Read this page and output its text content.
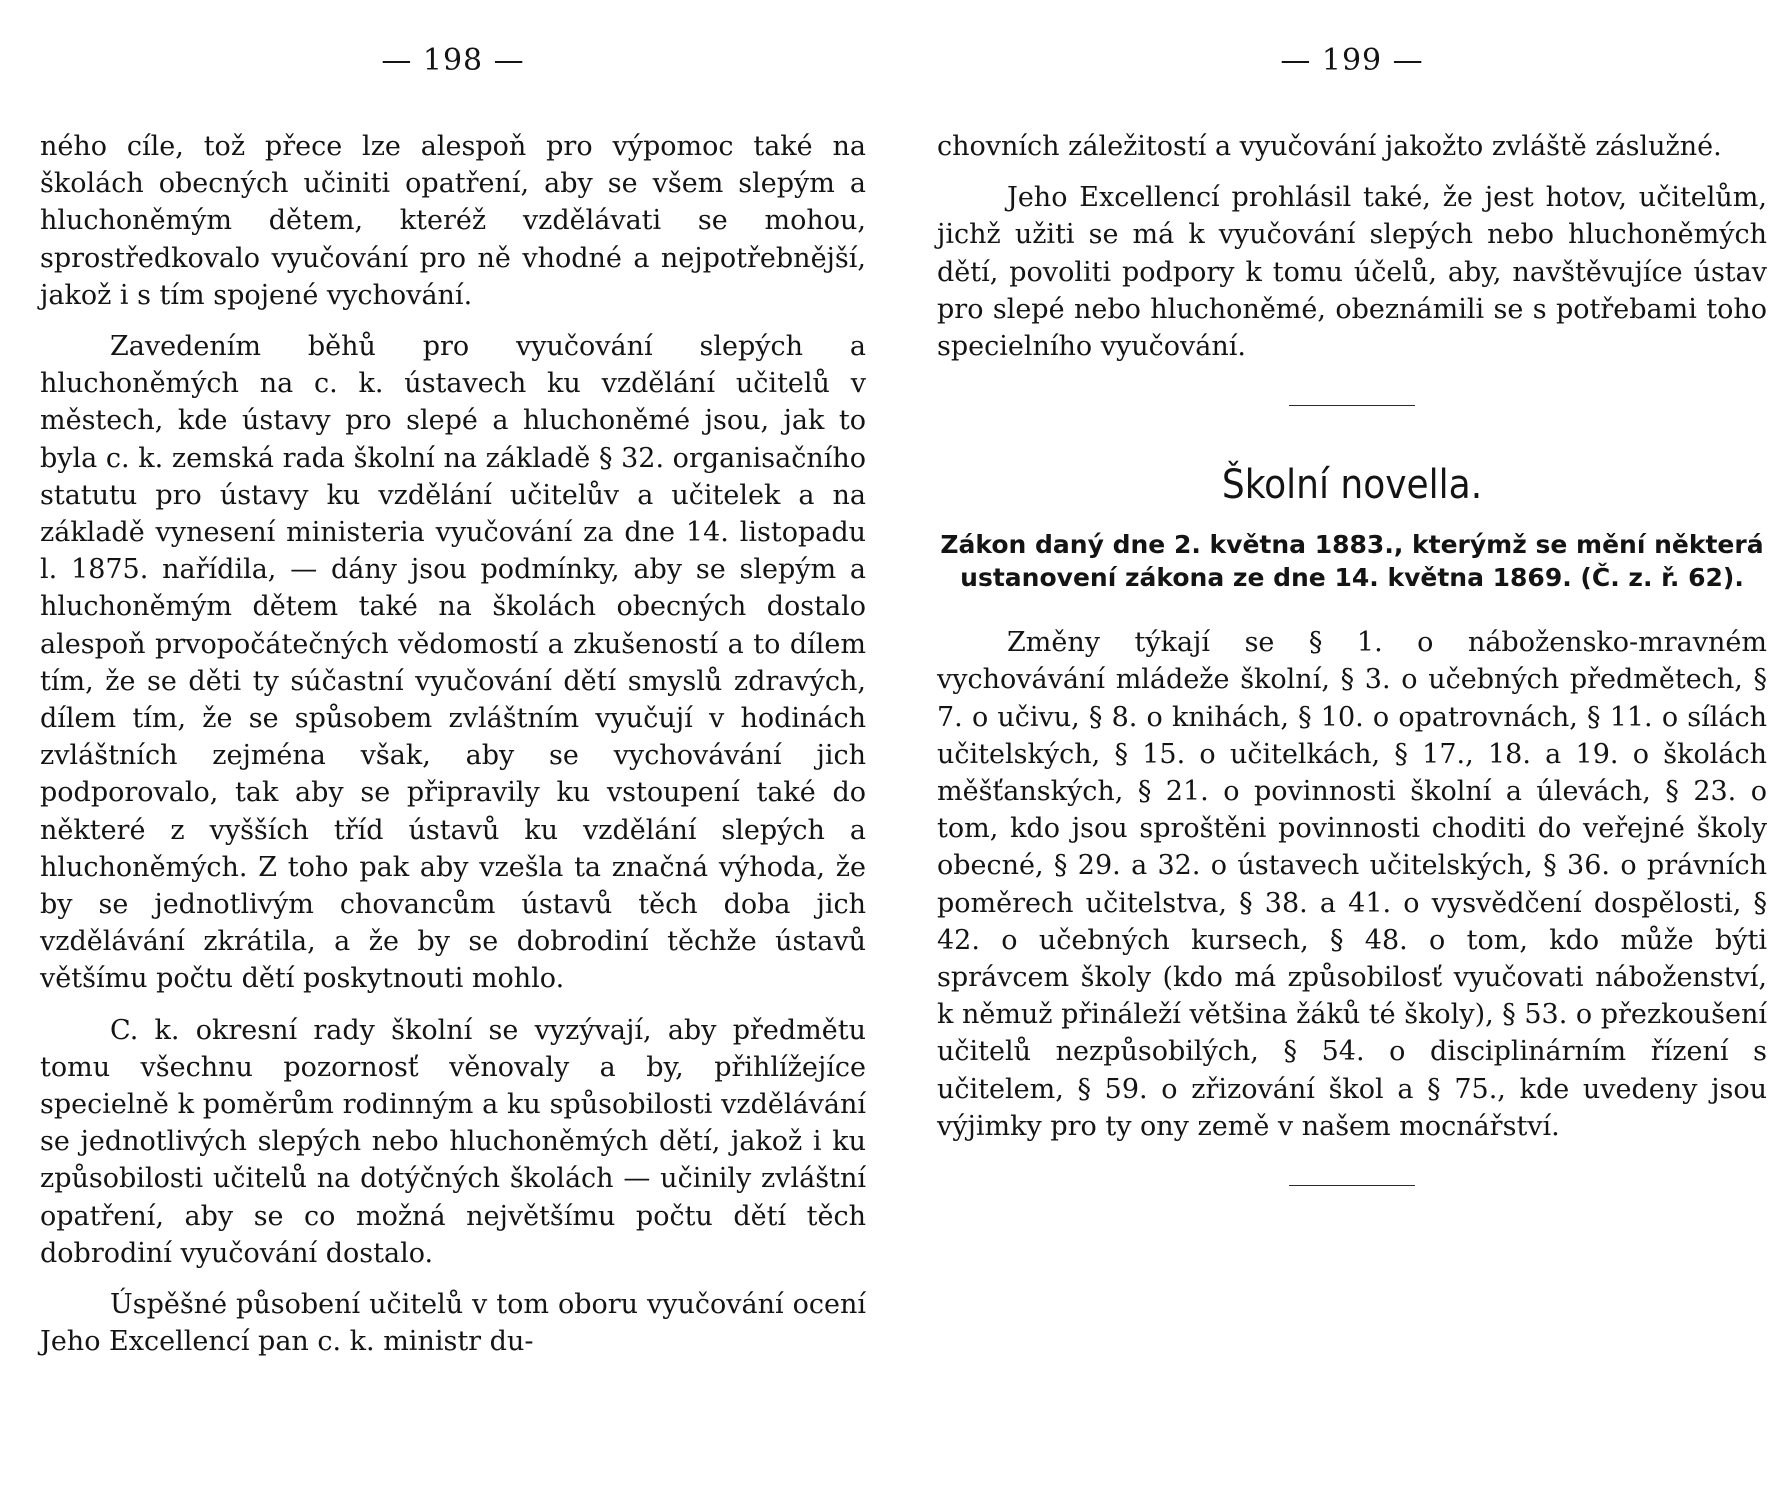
— 198 —

ného cíle, tož přece lze alespoň pro výpomoc také na školách obecných učiniti opatření, aby se všem slepým a hluchoněmým dětem, kteréž vzdělávati se mohou, sprostředkovalo vyučování pro ně vhodné a nejpotřebnější, jakož i s tím spojené vychování.

Zavedením běhů pro vyučování slepých a hluchoněmých na c. k. ústavech ku vzdělání učitelů v městech, kde ústavy pro slepé a hluchoněmé jsou, jak to byla c. k. zemská rada školní na základě § 32. organisačního statutu pro ústavy ku vzdělání učitelův a učitelek a na základě vynesení ministeria vyučování za dne 14. listopadu l. 1875. nařídila, — dány jsou podmínky, aby se slepým a hluchoněmým dětem také na školách obecných dostalo alespoň prvopočátečných vědomostí a zkušeností a to dílem tím, že se děti ty súčastní vyučování dětí smyslů zdravých, dílem tím, že se spůsobem zvláštním vyučují v hodinách zvláštních zejména však, aby se vychovávání jich podporovalo, tak aby se připravily ku vstoupení také do některé z vyšších tříd ústavů ku vzdělání slepých a hluchoněmých. Z toho pak aby vzešla ta značná výhoda, že by se jednotlivým chovancům ústavů těch doba jich vzdělávání zkrátila, a že by se dobrodiní těchže ústavů většímu počtu dětí poskytnouti mohlo.

C. k. okresní rady školní se vyzývají, aby předmětu tomu všechnu pozornosť věnovaly a by, přihlížejíce specielně k poměrům rodinným a ku spůsobilosti vzdělávání se jednotlivých slepých nebo hluchoněmých dětí, jakož i ku způsobilosti učitelů na dotýčných školách — učinily zvláštní opatření, aby se co možná největšímu počtu dětí těch dobrodiní vyučování dostalo.

Úspěšné působení učitelů v tom oboru vyučování ocení Jeho Excellencí pan c. k. ministr du-

— 199 —

chovních záležitostí a vyučování jakožto zvláště záslužné.

Jeho Excellencí prohlásil také, že jest hotov, učitelům, jichž užiti se má k vyučování slepých nebo hluchoněmých dětí, povoliti podpory k tomu účelů, aby, navštěvujíce ústav pro slepé nebo hluchoněmé, obeznámili se s potřebami toho specielního vyučování.

Školní novella.
Zákon daný dne 2. května 1883., kterýmž se mění některá ustanovení zákona ze dne 14. května 1869. (Č. z. ř. 62).

Změny týkají se § 1. o nábožensko-mravném vychovávání mládeže školní, § 3. o učebných předmětech, § 7. o učivu, § 8. o knihách, § 10. o opatrovnách, § 11. o sílách učitelských, § 15. o učitelkách, § 17., 18. a 19. o školách měšťanských, § 21. o povinnosti školní a úlevách, § 23. o tom, kdo jsou sproštěni povinnosti choditi do veřejné školy obecné, § 29. a 32. o ústavech učitelských, § 36. o právních poměrech učitelstva, § 38. a 41. o vysvědčení dospělosti, § 42. o učebných kursech, § 48. o tom, kdo může býti správcem školy (kdo má způsobilosť vyučovati náboženství, k němuž přináleží většina žáků té školy), § 53. o přezkoušení učitelů nezpůsobilých, § 54. o disciplinárním řízení s učitelem, § 59. o zřizování škol a § 75., kde uvedeny jsou výjimky pro ty ony země v našem mocnářství.
